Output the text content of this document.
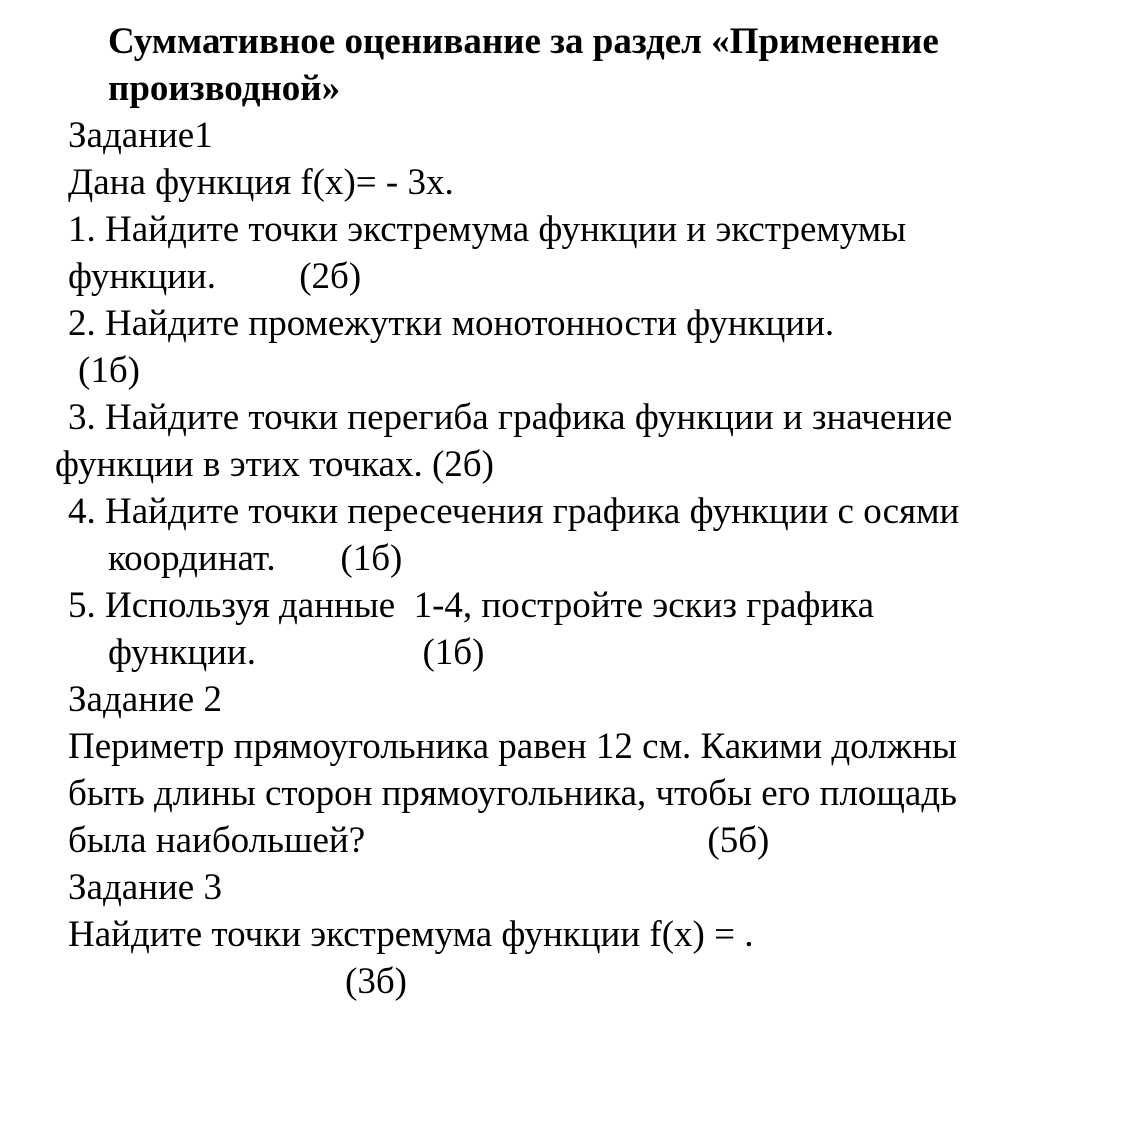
Суммативное оценивание за раздел «Применение
производной»
Задание1
Дана функция f(x)= - 3x.
1. Найдите точки экстремума функции и экстремумы
функции.         (2б)
2. Найдите промежутки монотонности функции.
(1б)
3. Найдите точки перегиба графика функции и значение
функции в этих точках. (2б)
4. Найдите точки пересечения графика функции с осями
координат.       (1б)
5. Используя данные  1-4, постройте эскиз графика
функции.                  (1б)
Задание 2
Периметр прямоугольника равен 12 см. Какими должны
быть длины сторон прямоугольника, чтобы его площадь
была наибольшей?                                     (5б)
Задание 3
Найдите точки экстремума функции f(x) = .
(3б)
